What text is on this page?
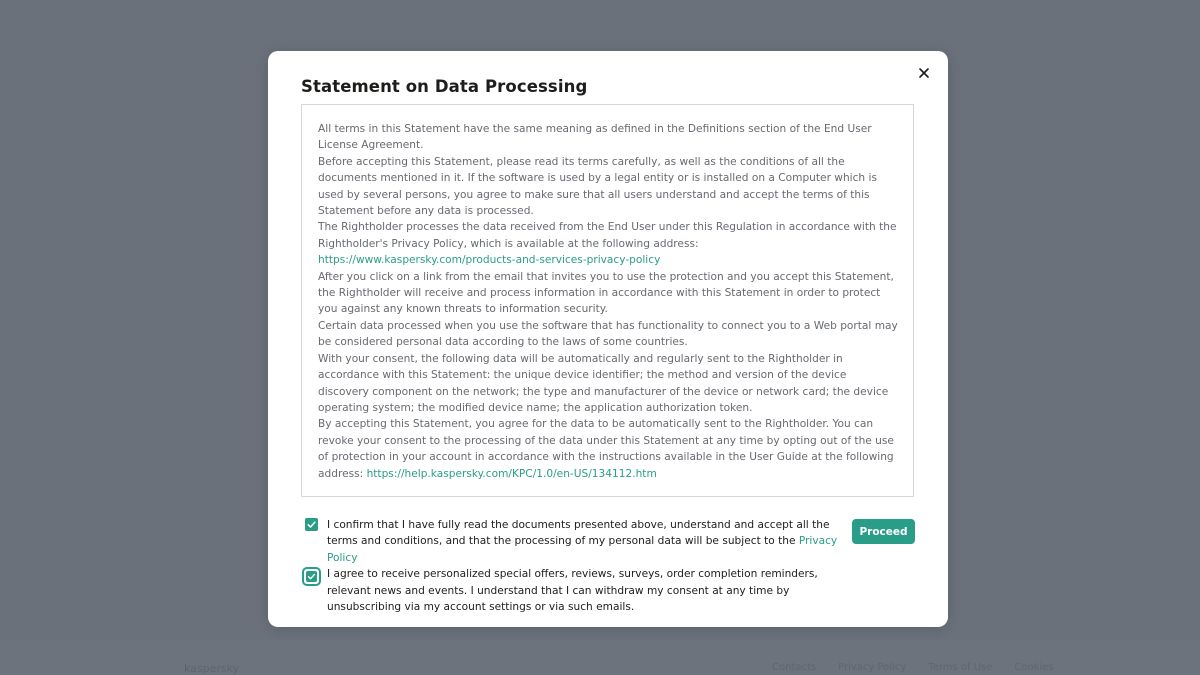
kaspersky	Contacts Privacy Policy Terms of Use Cookies
Statement on Data Processing

All terms in this Statement have the same meaning as defined in the Definitions section of the End User License Agreement.

Before accepting this Statement, please read its terms carefully, as well as the conditions of all the documents mentioned in it. If the software is used by a legal entity or is installed on a Computer which is used by several persons, you agree to make sure that all users understand and accept the terms of this Statement before any data is processed.

The Rightholder processes the data received from the End User under this Regulation in accordance with the Rightholder's Privacy Policy, which is available at the following address: https://www.kaspersky.com/products-and-services-privacy-policy

After you click on a link from the email that invites you to use the protection and you accept this Statement, the Rightholder will receive and process information in accordance with this Statement in order to protect you against any known threats to information security.

Certain data processed when you use the software that has functionality to connect you to a Web portal may be considered personal data according to the laws of some countries.

With your consent, the following data will be automatically and regularly sent to the Rightholder in accordance with this Statement: the unique device identifier; the method and version of the device discovery component on the network; the type and manufacturer of the device or network card; the device operating system; the modified device name; the application authorization token.

By accepting this Statement, you agree for the data to be automatically sent to the Rightholder. You can revoke your consent to the processing of the data under this Statement at any time by opting out of the use of protection in your account in accordance with the instructions available in the User Guide at the following address: https://help.kaspersky.com/KPC/1.0/en-US/134112.htm

I confirm that I have fully read the documents presented above, understand and accept all the terms and conditions, and that the processing of my personal data will be subject to the Privacy Policy
I agree to receive personalized special offers, reviews, surveys, order completion reminders, relevant news and events. I understand that I can withdraw my consent at any time by unsubscribing via my account settings or via such emails.
Proceed
